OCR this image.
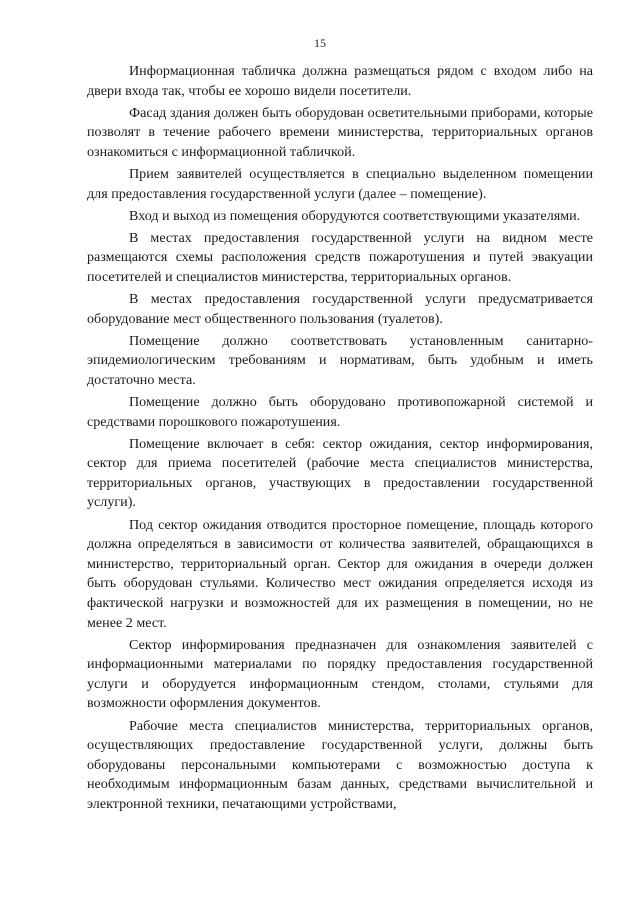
15

Информационная табличка должна размещаться рядом с входом либо на двери входа так, чтобы ее хорошо видели посетители.

Фасад здания должен быть оборудован осветительными приборами, которые позволят в течение рабочего времени министерства, территориальных органов ознакомиться с информационной табличкой.

Прием заявителей осуществляется в специально выделенном помещении для предоставления государственной услуги (далее – помещение).

Вход и выход из помещения оборудуются соответствующими указателями.

В местах предоставления государственной услуги на видном месте размещаются схемы расположения средств пожаротушения и путей эвакуации посетителей и специалистов министерства, территориальных органов.

В местах предоставления государственной услуги предусматривается оборудование мест общественного пользования (туалетов).

Помещение должно соответствовать установленным санитарно-эпидемиологическим требованиям и нормативам, быть удобным и иметь достаточно места.

Помещение должно быть оборудовано противопожарной системой и средствами порошкового пожаротушения.

Помещение включает в себя: сектор ожидания, сектор информирования, сектор для приема посетителей (рабочие места специалистов министерства, территориальных органов, участвующих в предоставлении государственной услуги).

Под сектор ожидания отводится просторное помещение, площадь которого должна определяться в зависимости от количества заявителей, обращающихся в министерство, территориальный орган. Сектор для ожидания в очереди должен быть оборудован стульями. Количество мест ожидания определяется исходя из фактической нагрузки и возможностей для их размещения в помещении, но не менее 2 мест.

Сектор информирования предназначен для ознакомления заявителей с информационными материалами по порядку предоставления государственной услуги и оборудуется информационным стендом, столами, стульями для возможности оформления документов.

Рабочие места специалистов министерства, территориальных органов, осуществляющих предоставление государственной услуги, должны быть оборудованы персональными компьютерами с возможностью доступа к необходимым информационным базам данных, средствами вычислительной и электронной техники, печатающими устройствами,
